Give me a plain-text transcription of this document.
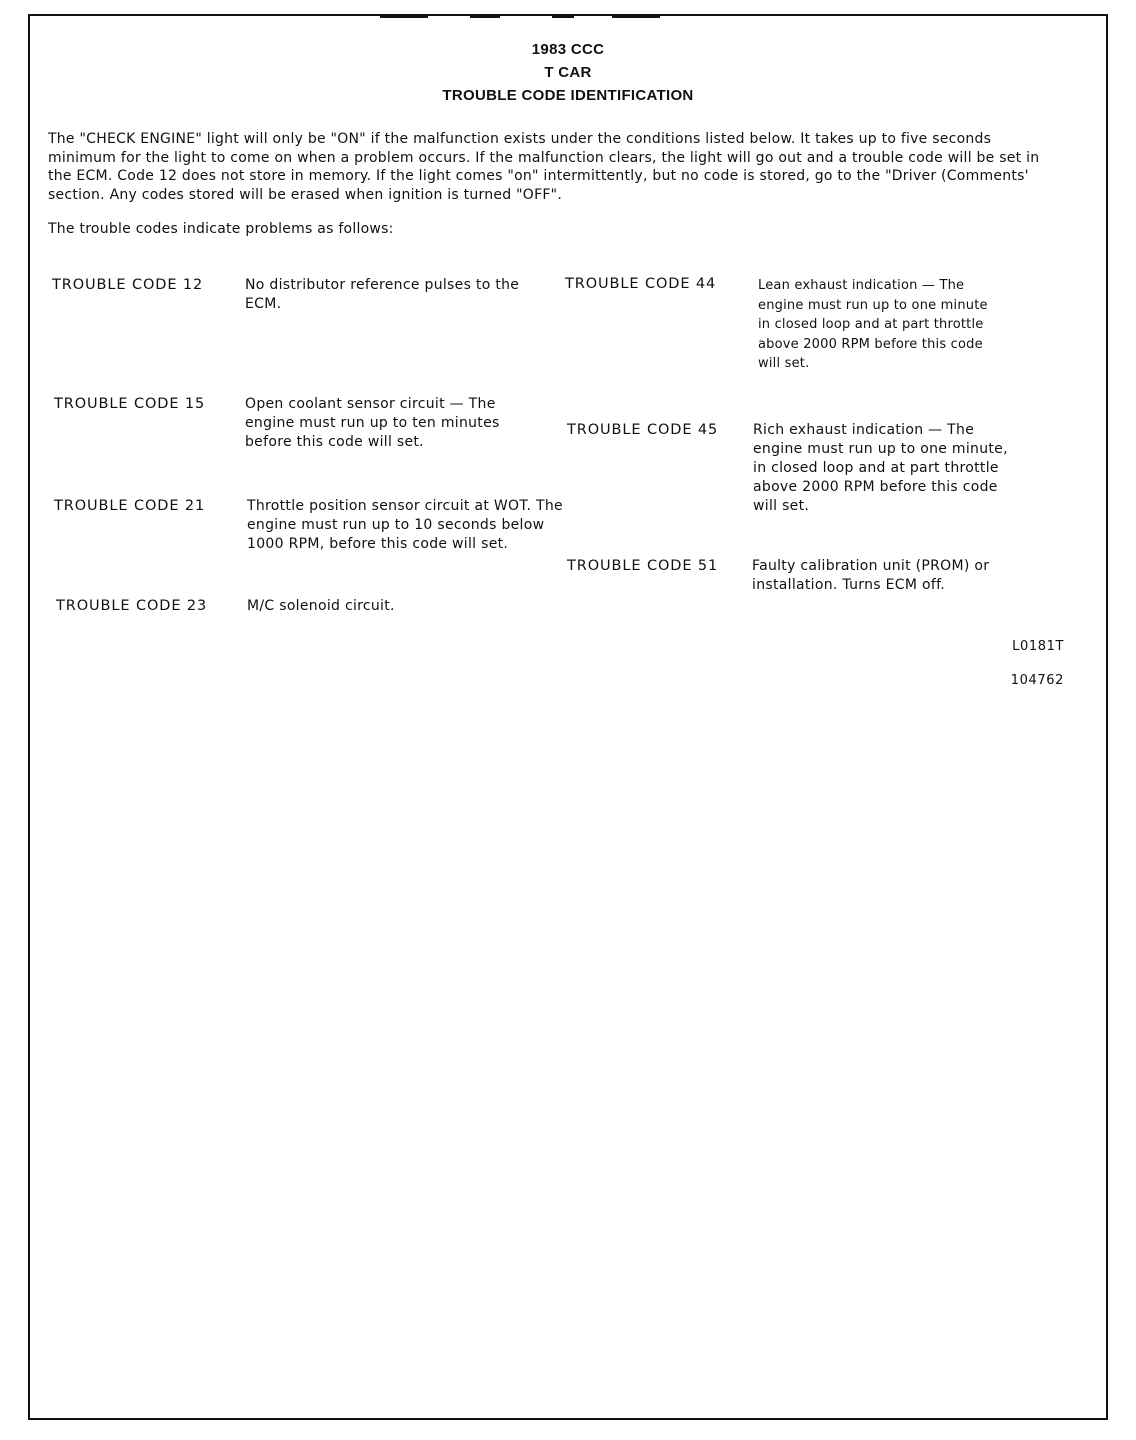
1983 CCC
T CAR
TROUBLE CODE IDENTIFICATION
The "CHECK ENGINE" light will only be "ON" if the malfunction exists under the conditions listed below. It takes up to five seconds minimum for the light to come on when a problem occurs. If the malfunction clears, the light will go out and a trouble code will be set in the ECM. Code 12 does not store in memory. If the light comes "on" intermittently, but no code is stored, go to the "Driver (Comments' section. Any codes stored will be erased when ignition is turned "OFF".
The trouble codes indicate problems as follows:
TROUBLE CODE 12	No distributor reference pulses to the ECM.
TROUBLE CODE 15	Open coolant sensor circuit — The engine must run up to ten minutes before this code will set.
TROUBLE CODE 21	Throttle position sensor circuit at WOT. The engine must run up to 10 seconds below 1000 RPM, before this code will set.
TROUBLE CODE 23	M/C solenoid circuit.
TROUBLE CODE 44	Lean exhaust indication — The engine must run up to one minute in closed loop and at part throttle above 2000 RPM before this code will set.
TROUBLE CODE 45 Rich exhaust indication — The engine must run up to one minute, in closed loop and at part throttle above 2000 RPM before this code will set.
TROUBLE CODE 51 Faulty calibration unit (PROM) or installation. Turns ECM off.
L0181T
104762
